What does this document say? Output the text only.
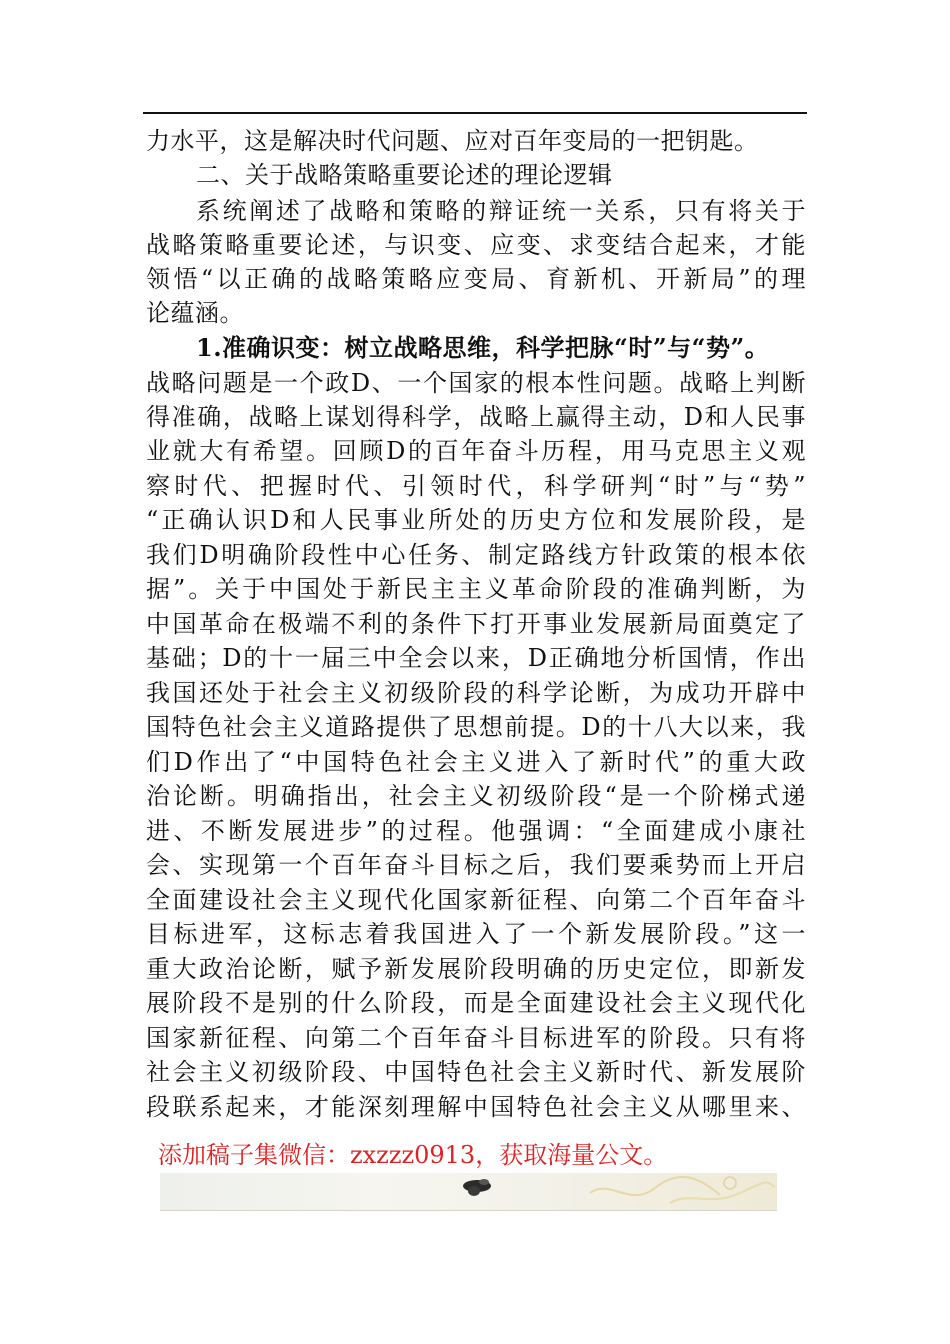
力水平，这是解决时代问题、应对百年变局的一把钥匙。
二、关于战略策略重要论述的理论逻辑
系统阐述了战略和策略的辩证统一关系，只有将关于
战略策略重要论述，与识变、应变、求变结合起来，才能
领悟“以正确的战略策略应变局、育新机、开新局”的理
论蕴涵。
1.准确识变：树立战略思维，科学把脉“时”与“势”。
战略问题是一个政D、一个国家的根本性问题。战略上判断
得准确，战略上谋划得科学，战略上赢得主动，D和人民事
业就大有希望。回顾D的百年奋斗历程，用马克思主义观
察时代、把握时代、引领时代，科学研判“时”与“势”
“正确认识D和人民事业所处的历史方位和发展阶段，是
我们D明确阶段性中心任务、制定路线方针政策的根本依
据”。关于中国处于新民主主义革命阶段的准确判断，为
中国革命在极端不利的条件下打开事业发展新局面奠定了
基础；D的十一届三中全会以来，D正确地分析国情，作出
我国还处于社会主义初级阶段的科学论断，为成功开辟中
国特色社会主义道路提供了思想前提。D的十八大以来，我
们D作出了“中国特色社会主义进入了新时代”的重大政
治论断。明确指出，社会主义初级阶段“是一个阶梯式递
进、不断发展进步”的过程。他强调：“全面建成小康社
会、实现第一个百年奋斗目标之后，我们要乘势而上开启
全面建设社会主义现代化国家新征程、向第二个百年奋斗
目标进军，这标志着我国进入了一个新发展阶段。”这一
重大政治论断，赋予新发展阶段明确的历史定位，即新发
展阶段不是别的什么阶段，而是全面建设社会主义现代化
国家新征程、向第二个百年奋斗目标进军的阶段。只有将
社会主义初级阶段、中国特色社会主义新时代、新发展阶
段联系起来，才能深刻理解中国特色社会主义从哪里来、
添加稿子集微信：zxzzz0913，获取海量公文。
